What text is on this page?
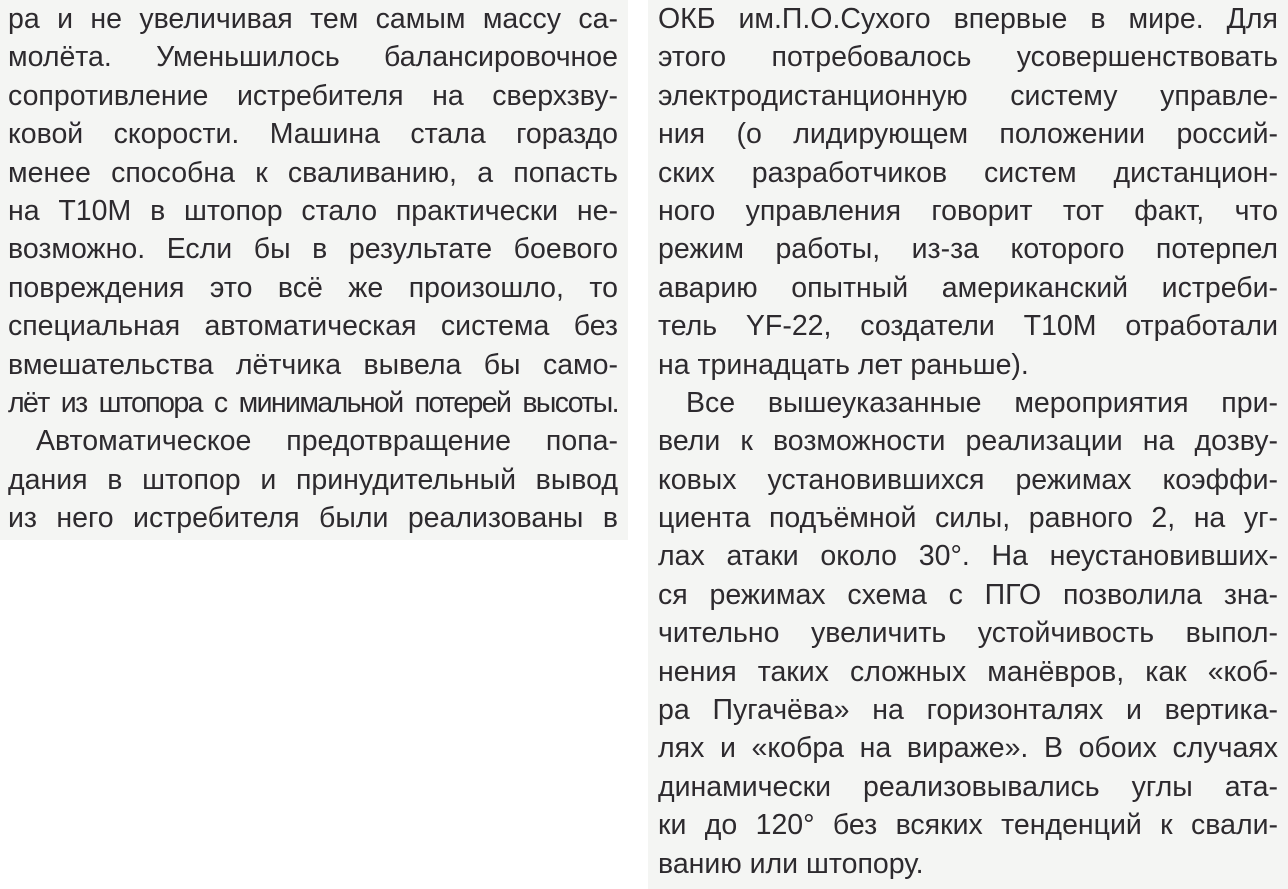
ра и не увеличивая тем самым массу са-
молёта. Уменьшилось балансировочное
сопротивление истребителя на сверхзву-
ковой скорости. Машина стала гораздо
менее способна к сваливанию, а попасть
на Т10М в штопор стало практически не-
возможно. Если бы в результате боевого
повреждения это всё же произошло, то
специальная автоматическая система без
вмешательства лётчика вывела бы само-
лёт из штопора с минимальной потерей высоты.
Автоматическое предотвращение попа-
дания в штопор и принудительный вывод
из него истребителя были реализованы в
ОКБ им.П.О.Сухого впервые в мире. Для
этого потребовалось усовершенствовать
электродистанционную систему управле-
ния (о лидирующем положении россий-
ских разработчиков систем дистанцион-
ного управления говорит тот факт, что
режим работы, из-за которого потерпел
аварию опытный американский истреби-
тель YF-22, создатели Т10М отработали
на тринадцать лет раньше).
Все вышеуказанные мероприятия при-
вели к возможности реализации на дозву-
ковых установившихся режимах коэффи-
циента подъёмной силы, равного 2, на уг-
лах атаки около 30°. На неустановивших-
ся режимах схема с ПГО позволила зна-
чительно увеличить устойчивость выпол-
нения таких сложных манёвров, как «коб-
ра Пугачёва» на горизонталях и вертика-
лях и «кобра на вираже». В обоих случаях
динамически реализовывались углы ата-
ки до 120° без всяких тенденций к свали-
ванию или штопору.
